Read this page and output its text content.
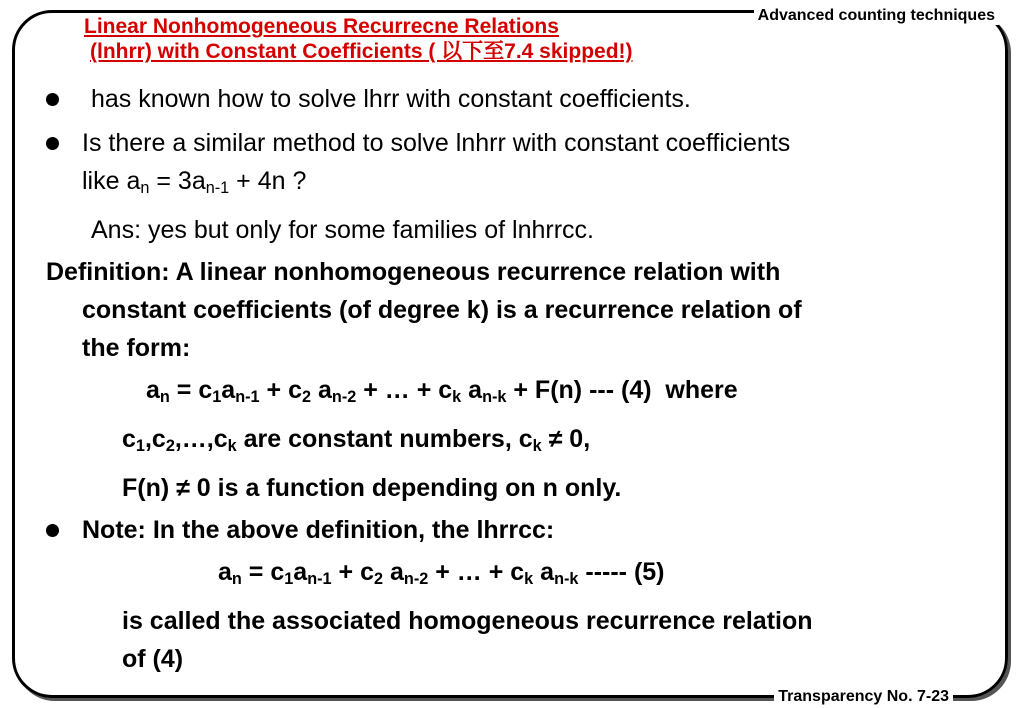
Advanced counting techniques
Linear Nonhomogeneous Recurrecne Relations
(lnhrr) with Constant Coefficients ( 以下至7.4 skipped!)
has known how to solve lhrr with constant coefficients.
Is there a similar method to solve lnhrr with constant coefficients
like $a_n = 3a_{n-1} + 4n$ ?
Ans: yes but only for some families of lnhrrcc.
Definition: A linear nonhomogeneous recurrence relation with
constant coefficients (of degree k) is a recurrence relation of
the form:
$a_n = c_1a_{n-1} + c_2$ $a_{n-2}$ + … + $c_k$ $a_{n-k} + F(n)$ --- (4)  where
$c_1,c_2,\dots,c_k$ are constant numbers, $c_k \ne 0$,
F(n) ≠ 0 is a function depending on n only.
Note: In the above definition, the lhrrcc:
$a_n = c_1a_{n-1} + c_2$ $a_{n-2}$ + … + $c_k$ $a_{n-k}$ ----- (5)
is called the associated homogeneous recurrence relation
of (4)
Transparency No. 7-23
